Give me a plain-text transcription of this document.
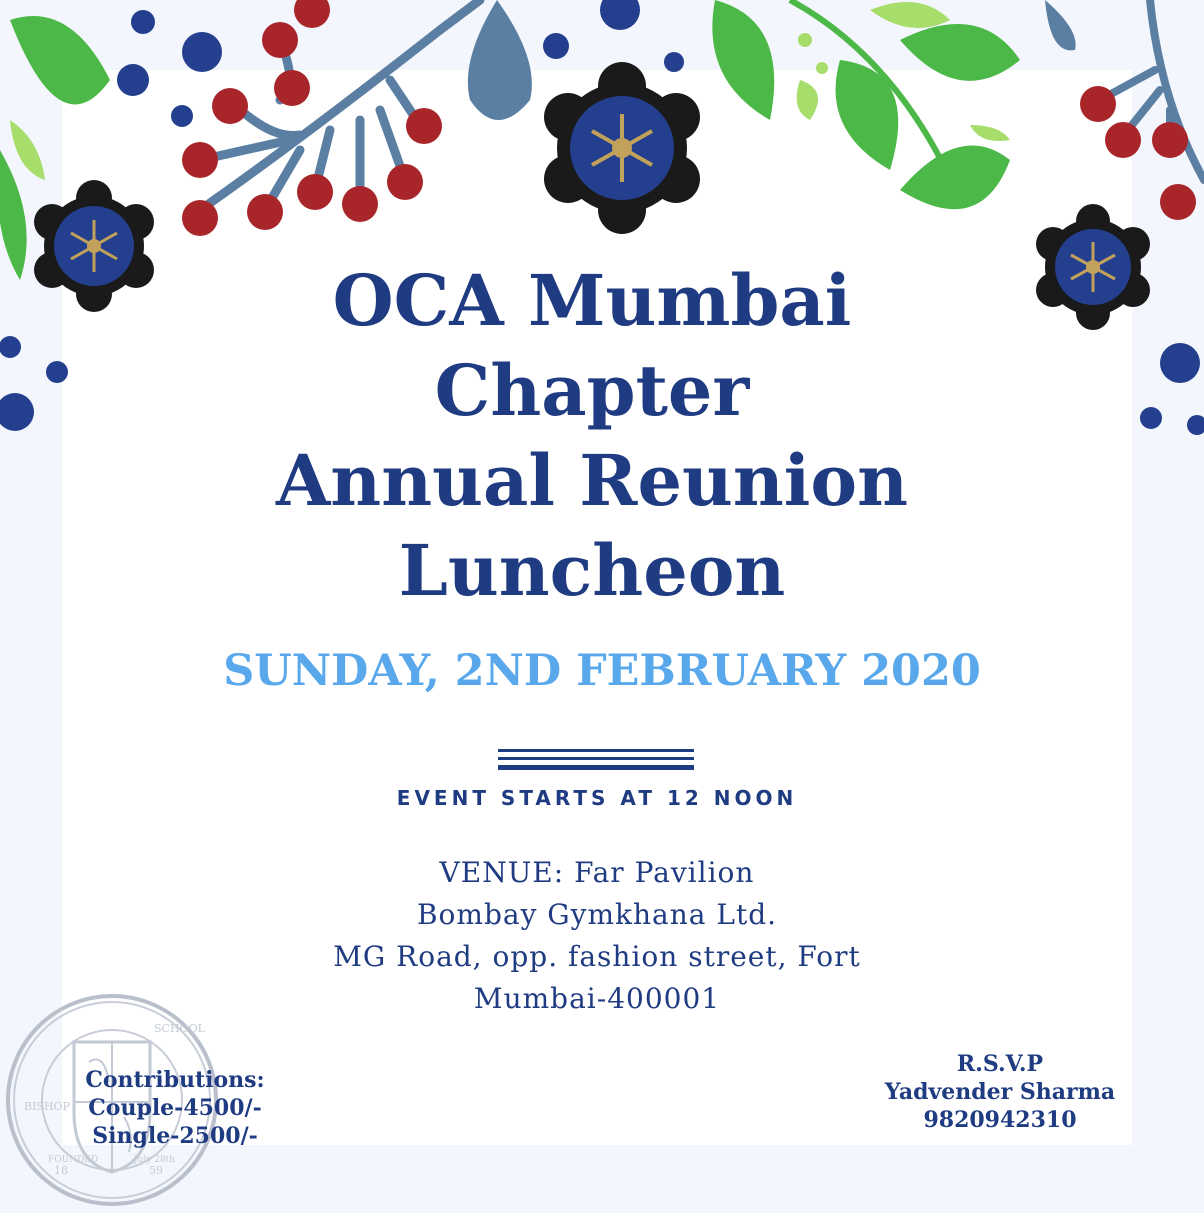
OCA Mumbai
Chapter
Annual Reunion
Luncheon
SUNDAY, 2ND FEBRUARY 2020
EVENT STARTS AT 12 NOON
VENUE: Far Pavilion
Bombay Gymkhana Ltd.
MG Road, opp. fashion street, Fort
Mumbai-400001
BISHOP
SCHOOL
FOUNDED	July 28th
18	59
Contributions:
Couple-4500/-
Single-2500/-
R.S.V.P
Yadvender Sharma
9820942310
